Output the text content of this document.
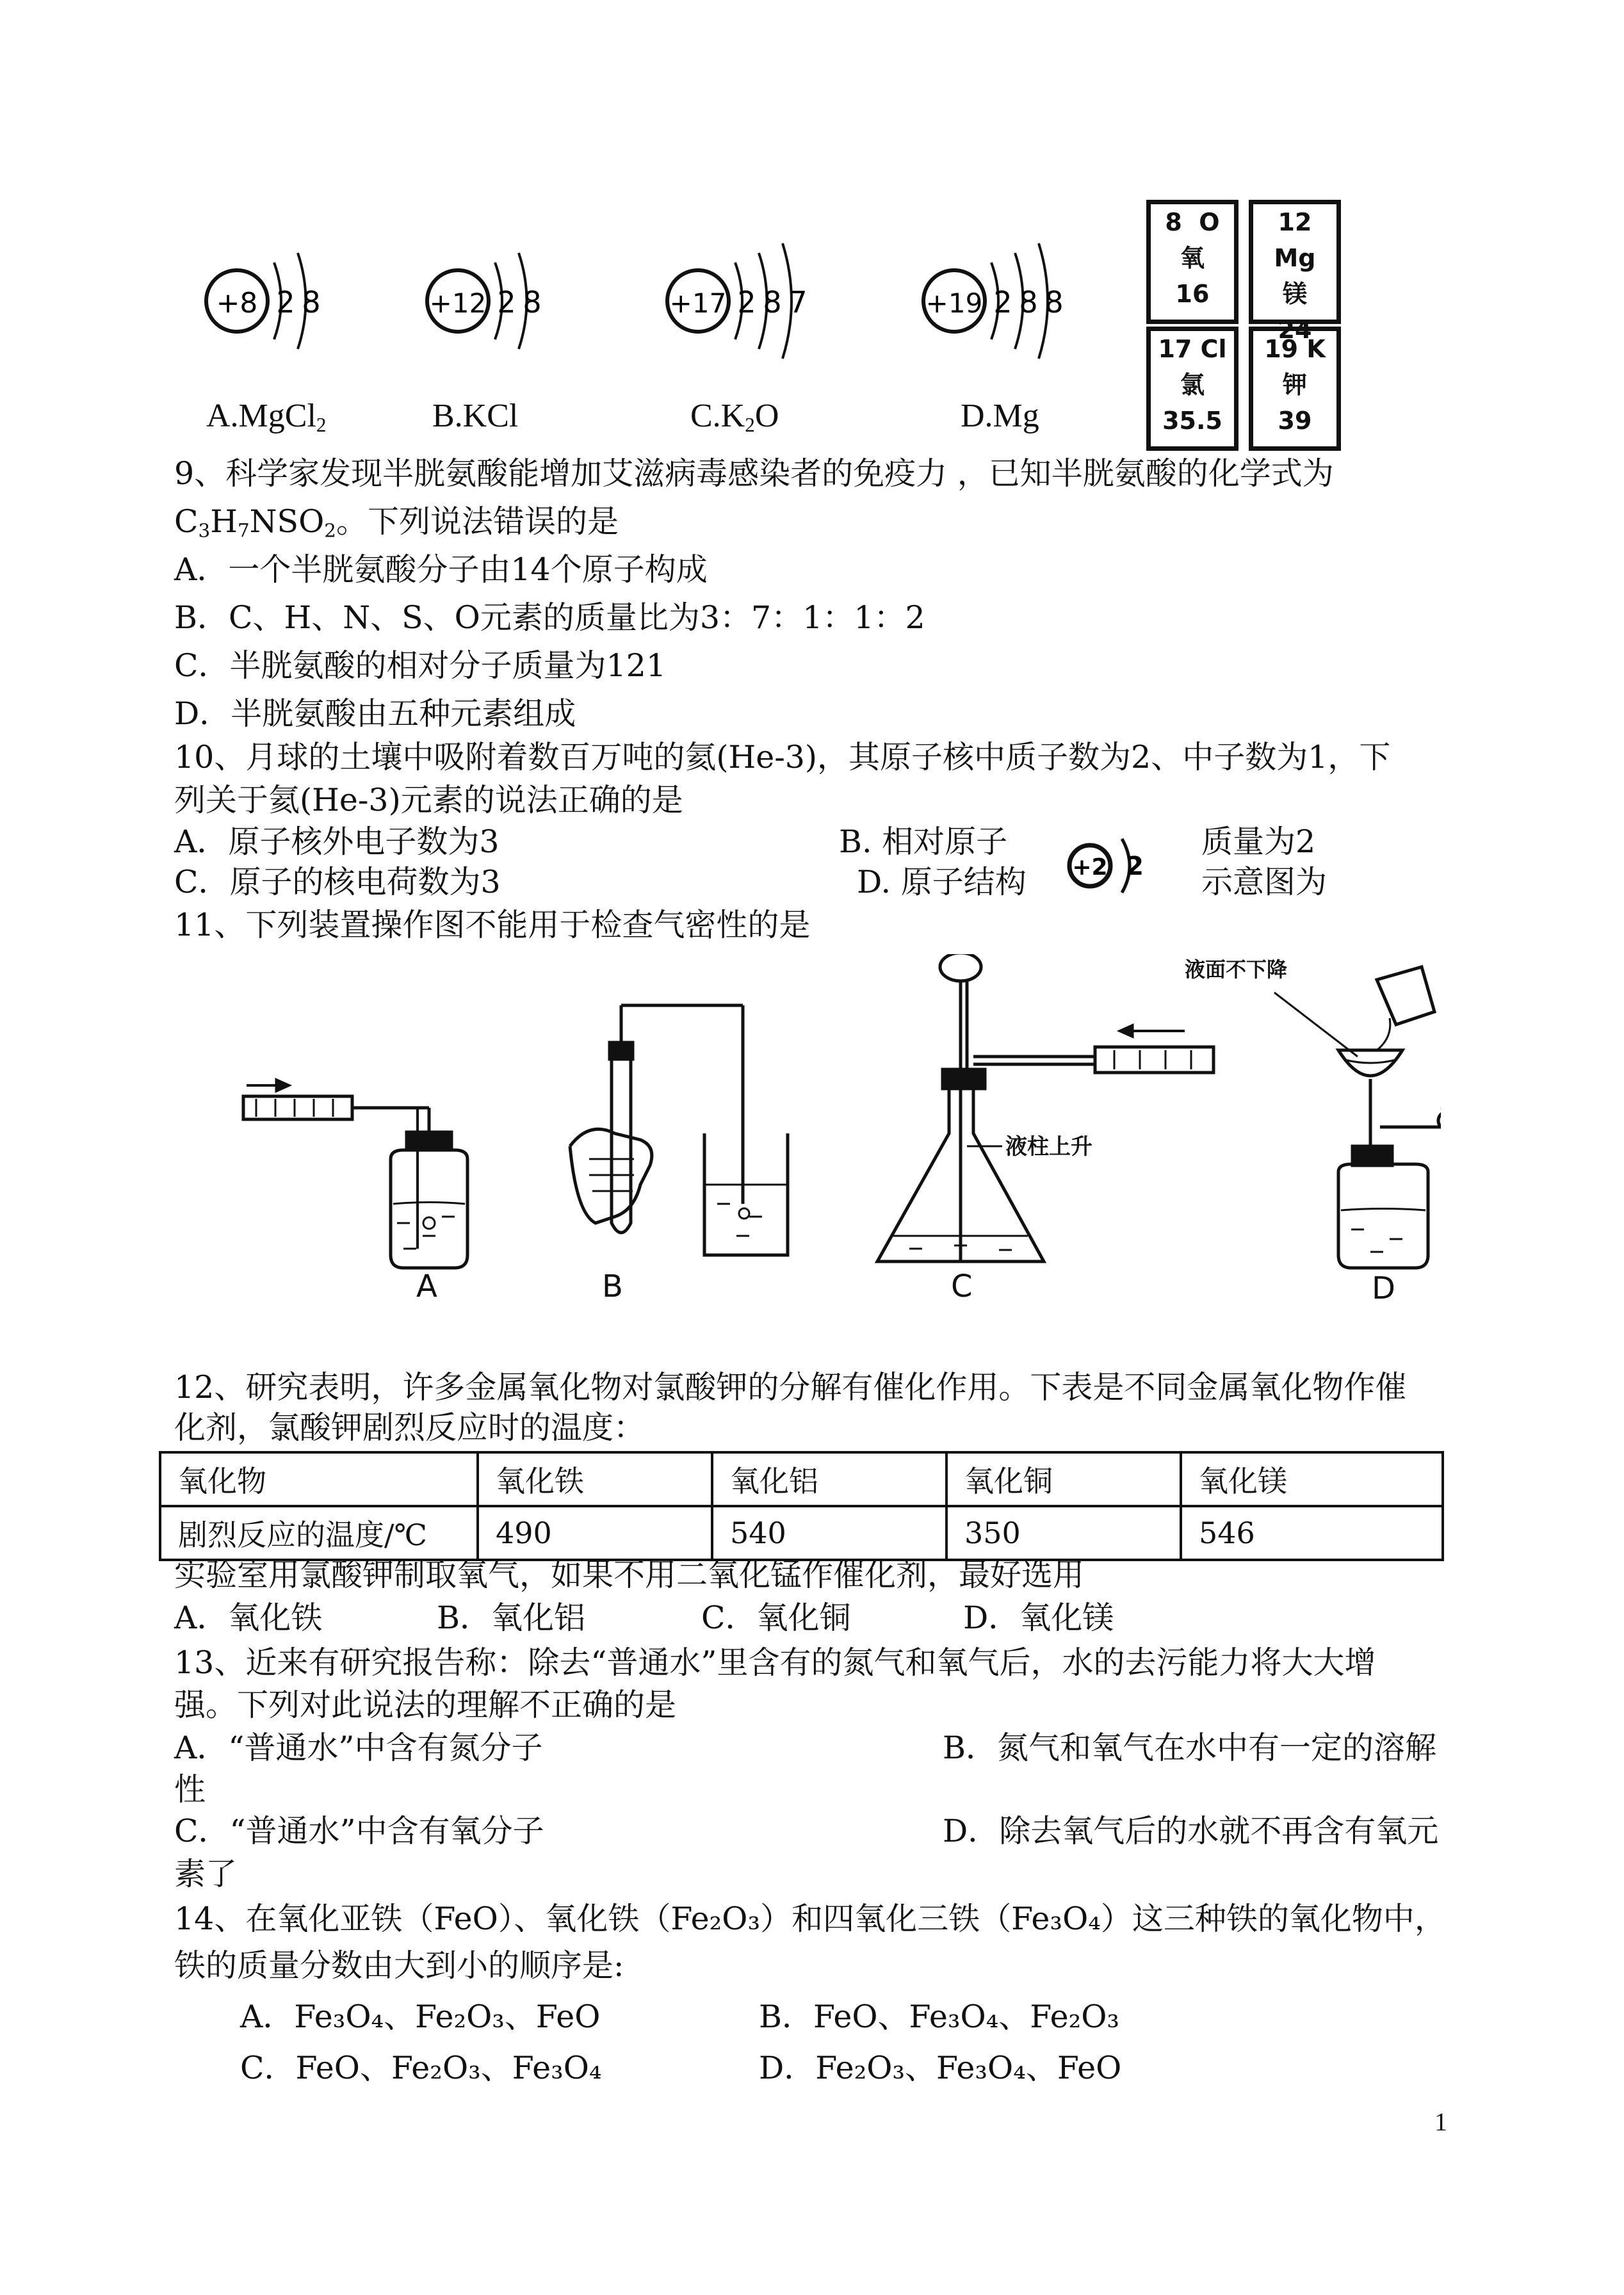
+8 2 8	+12 2 8	+17 2 8 7	+19 2 8 8
A.MgCl$_2$	B.KCl	$C.K_2O$	D.Mg
8 O
氧
16
12 Mg
镁
24
17 Cl
氯
35.5
19 K
钾
39
9、科学家发现半胱氨酸能增加艾滋病毒感染者的免疫力 ，已知半胱氨酸的化学式为
$C_3H_7NSO_2$。下列说法错误的是
A．一个半胱氨酸分子由14个原子构成
B．C、H、N、S、O元素的质量比为3：7：1：1：2
C．半胱氨酸的相对分子质量为121
D．半胱氨酸由五种元素组成
10、月球的土壤中吸附着数百万吨的氦(He-3)，其原子核中质子数为2、中子数为1，下
列关于氦(He-3)元素的说法正确的是
A．原子核外电子数为3	B. 相对原子	质量为2
C．原子的核电荷数为3	D. 原子结构	示意图为
+2 2
11、下列装置操作图不能用于检查气密性的是
A	B
液柱上升
C
液面不下降
D
12、研究表明，许多金属氧化物对氯酸钾的分解有催化作用。下表是不同金属氧化物作催
化剂，氯酸钾剧烈反应时的温度：
氧化物	氧化铁	氧化铝	氧化铜	氧化镁
剧烈反应的温度/℃	490	540	350	546
实验室用氯酸钾制取氧气，如果不用二氧化锰作催化剂，最好选用
A．氧化铁	B．氧化铝	C．氧化铜	D．氧化镁
13、近来有研究报告称：除去“普通水”里含有的氮气和氧气后，水的去污能力将大大增
强。下列对此说法的理解不正确的是
A．“普通水”中含有氮分子	B．氮气和氧气在水中有一定的溶解
性
C．“普通水”中含有氧分子	D．除去氧气后的水就不再含有氧元
素了
14、在氧化亚铁（FeO）、氧化铁（Fe₂O₃）和四氧化三铁（Fe₃O₄）这三种铁的氧化物中，
铁的质量分数由大到小的顺序是:
A．Fe₃O₄、Fe₂O₃、FeO	B．FeO、Fe₃O₄、Fe₂O₃
C．FeO、Fe₂O₃、Fe₃O₄	D．Fe₂O₃、Fe₃O₄、FeO
1
